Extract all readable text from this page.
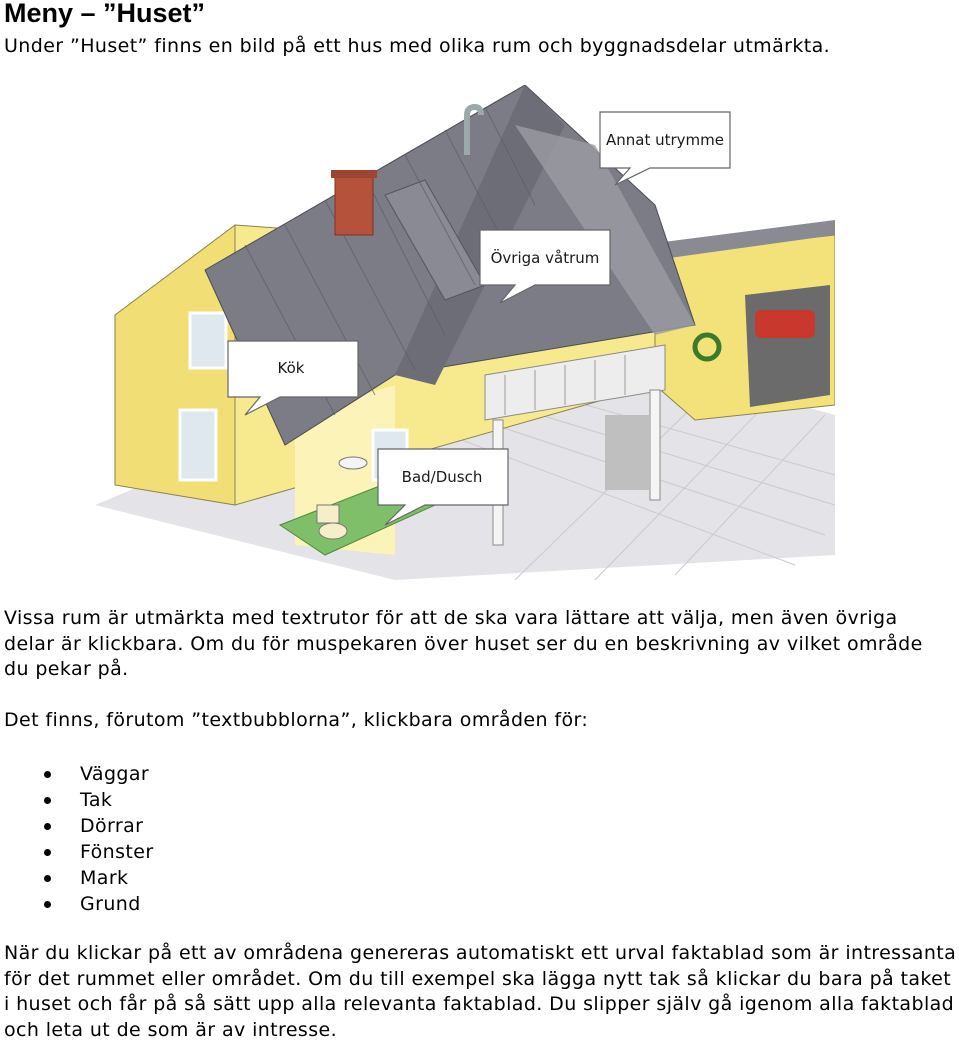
Meny – ”Huset”

Under ”Huset” finns en bild på ett hus med olika rum och byggnadsdelar utmärkta.

Annat utrymme
Övriga våtrum
Kök
Bad/Dusch

Vissa rum är utmärkta med textrutor för att de ska vara lättare att välja, men även övriga delar är klickbara. Om du för muspekaren över huset ser du en beskrivning av vilket område du pekar på.

Det finns, förutom ”textbubblorna”, klickbara områden för:

Väggar
Tak
Dörrar
Fönster
Mark
Grund

När du klickar på ett av områdena genereras automatiskt ett urval faktablad som är intressanta för det rummet eller området. Om du till exempel ska lägga nytt tak så klickar du bara på taket i huset och får på så sätt upp alla relevanta faktablad. Du slipper själv gå igenom alla faktablad och leta ut de som är av intresse.
